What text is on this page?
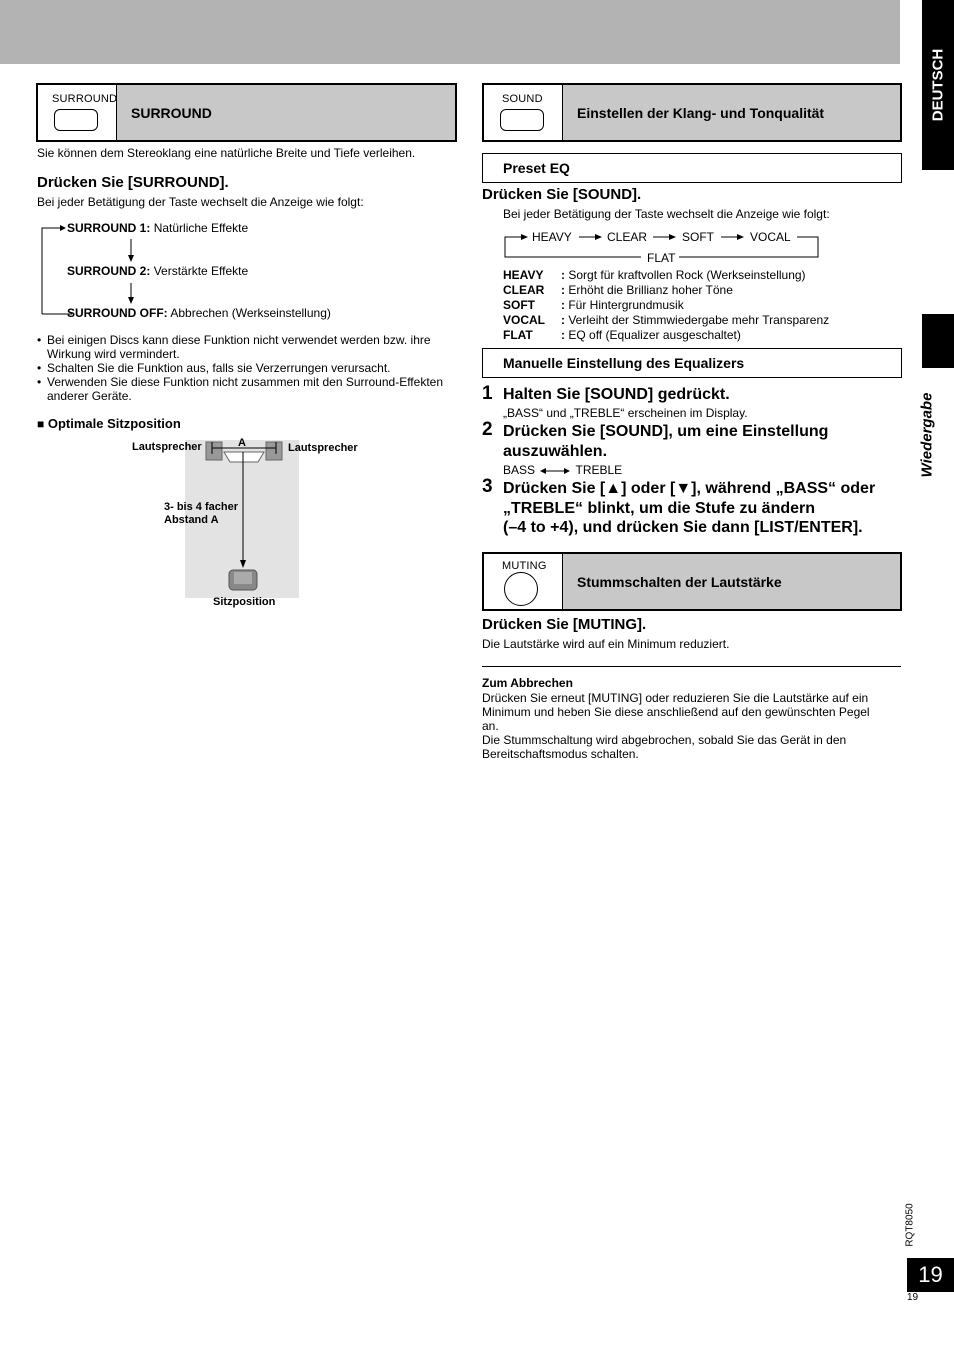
DEUTSCH
Wiedergabe
SURROUND
SURROUND
Sie können dem Stereoklang eine natürliche Breite und Tiefe verleihen.
Drücken Sie [SURROUND].
Bei jeder Betätigung der Taste wechselt die Anzeige wie folgt:
SURROUND 1: Natürliche Effekte
SURROUND 2: Verstärkte Effekte
SURROUND OFF: Abbrechen (Werkseinstellung)
• Bei einigen Discs kann diese Funktion nicht verwendet werden bzw. ihre Wirkung wird vermindert.
• Schalten Sie die Funktion aus, falls sie Verzerrungen verursacht.
• Verwenden Sie diese Funktion nicht zusammen mit den Surround-Effekten anderer Geräte.
■ Optimale Sitzposition
A
Lautsprecher	Lautsprecher
3- bis 4 facher
Abstand A
Sitzposition
SOUND
Einstellen der Klang- und Tonqualität
Preset EQ
Drücken Sie [SOUND].
Bei jeder Betätigung der Taste wechselt die Anzeige wie folgt:
HEAVY	CLEAR	SOFT	VOCAL
FLAT
HEAVY : Sorgt für kraftvollen Rock (Werkseinstellung)
CLEAR : Erhöht die Brillianz hoher Töne
SOFT : Für Hintergrundmusik
VOCAL : Verleiht der Stimmwiedergabe mehr Transparenz
FLAT : EQ off (Equalizer ausgeschaltet)
Manuelle Einstellung des Equalizers
1 Halten Sie [SOUND] gedrückt.
„BASS“ und „TREBLE“ erscheinen im Display.
2 Drücken Sie [SOUND], um eine Einstellung
auszuwählen.
BASS	TREBLE
3 Drücken Sie [▲] oder [▼], während „BASS“ oder
„TREBLE“ blinkt, um die Stufe zu ändern
(–4 to +4), und drücken Sie dann [LIST/ENTER].
MUTING
Stummschalten der Lautstärke
Drücken Sie [MUTING].
Die Lautstärke wird auf ein Minimum reduziert.
Zum Abbrechen
Drücken Sie erneut [MUTING] oder reduzieren Sie die Lautstärke auf ein
Minimum und heben Sie diese anschließend auf den gewünschten Pegel
an.
Die Stummschaltung wird abgebrochen, sobald Sie das Gerät in den
Bereitschaftsmodus schalten.
RQT8050
19
19
